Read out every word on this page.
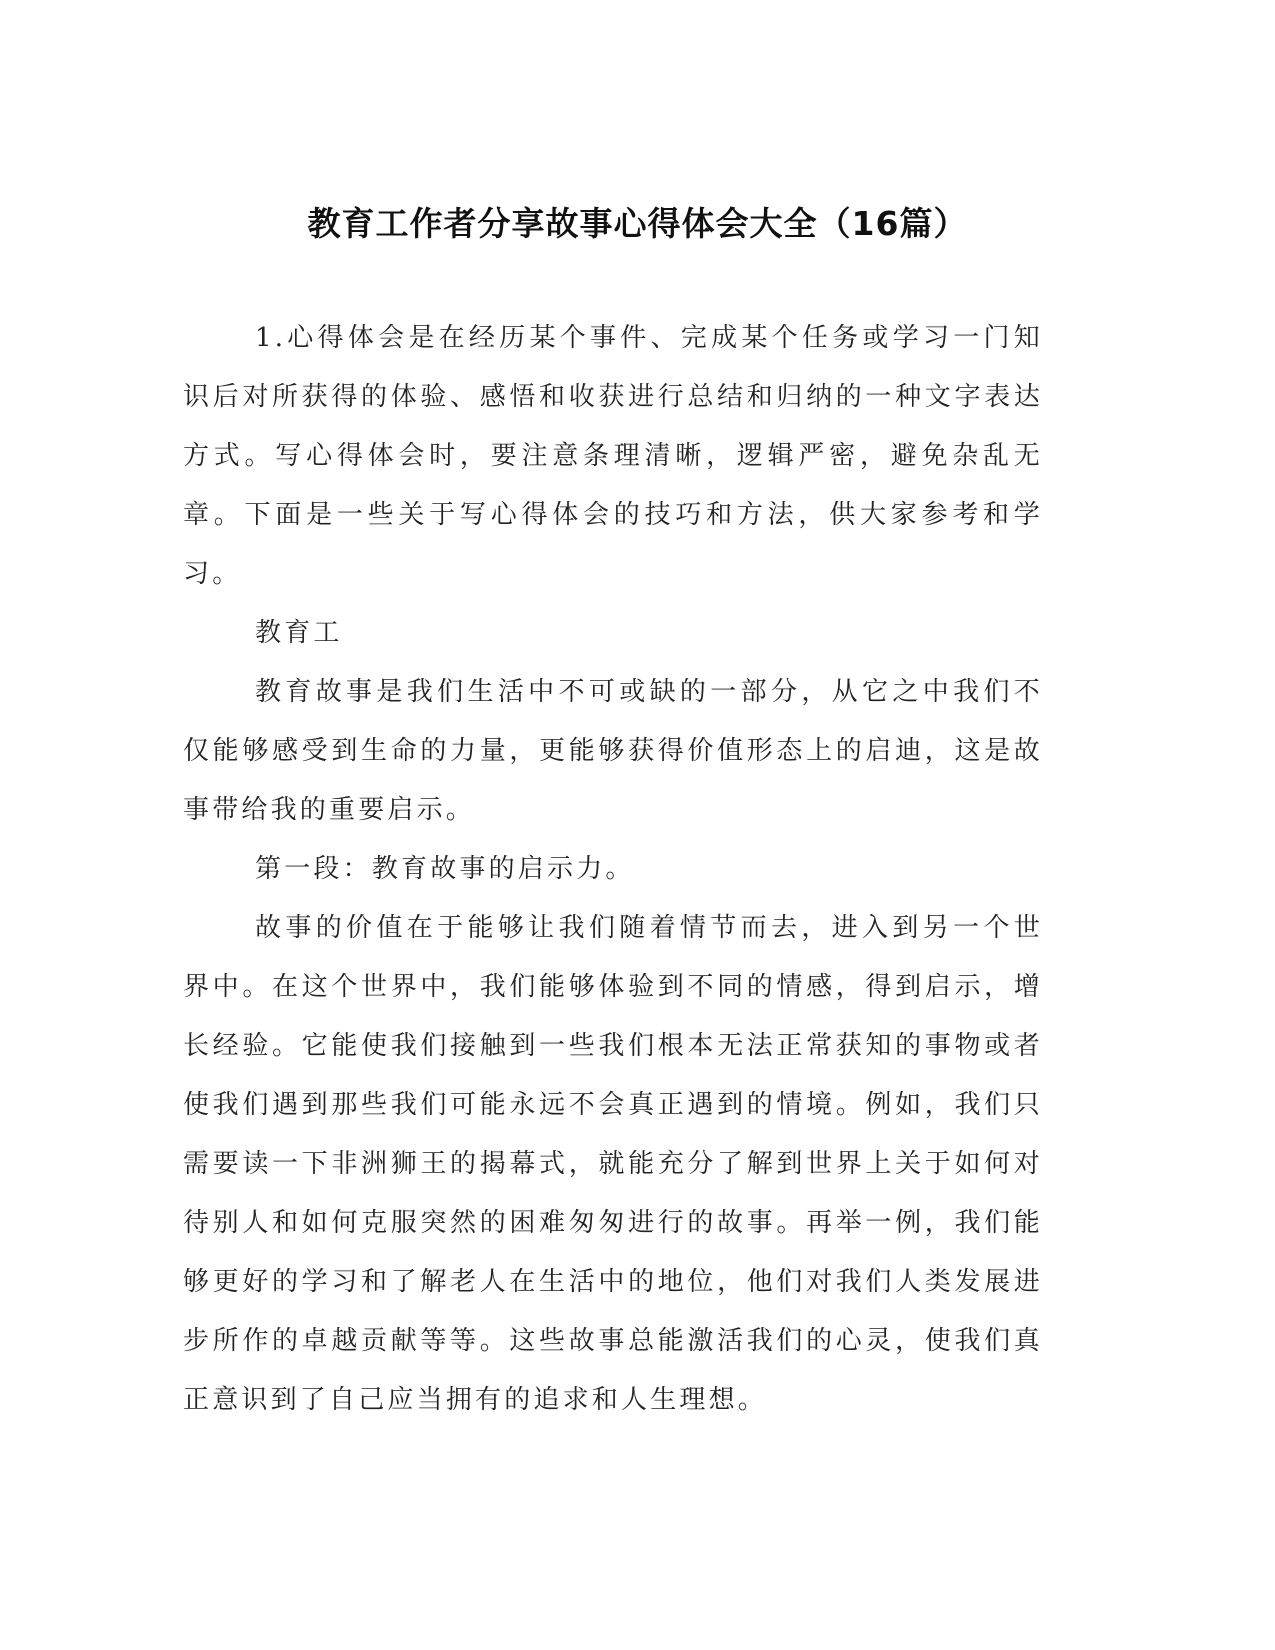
教育工作者分享故事心得体会大全（16篇）

1.心得体会是在经历某个事件、完成某个任务或学习一门知识后对所获得的体验、感悟和收获进行总结和归纳的一种文字表达方式。写心得体会时，要注意条理清晰，逻辑严密，避免杂乱无章。下面是一些关于写心得体会的技巧和方法，供大家参考和学习。

教育工

教育故事是我们生活中不可或缺的一部分，从它之中我们不仅能够感受到生命的力量，更能够获得价值形态上的启迪，这是故事带给我的重要启示。

第一段：教育故事的启示力。

故事的价值在于能够让我们随着情节而去，进入到另一个世界中。在这个世界中，我们能够体验到不同的情感，得到启示，增长经验。它能使我们接触到一些我们根本无法正常获知的事物或者使我们遇到那些我们可能永远不会真正遇到的情境。例如，我们只需要读一下非洲狮王的揭幕式，就能充分了解到世界上关于如何对待别人和如何克服突然的困难匆匆进行的故事。再举一例，我们能够更好的学习和了解老人在生活中的地位，他们对我们人类发展进步所作的卓越贡献等等。这些故事总能激活我们的心灵，使我们真正意识到了自己应当拥有的追求和人生理想。
